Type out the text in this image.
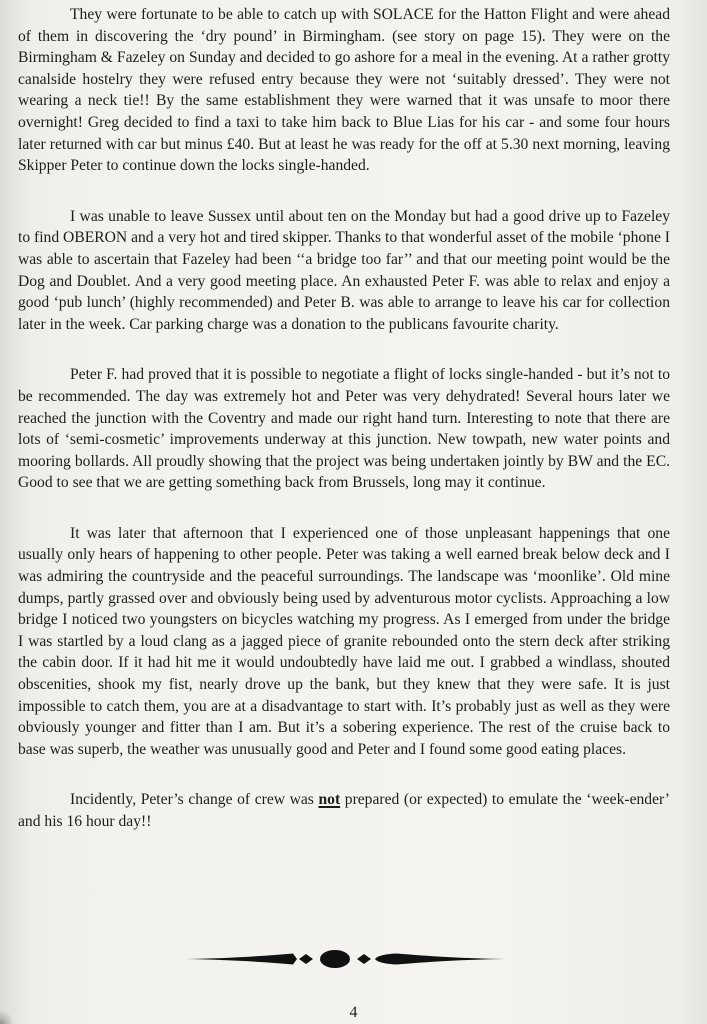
They were fortunate to be able to catch up with SOLACE for the Hatton Flight and were ahead of them in discovering the ‘dry pound’ in Birmingham. (see story on page 15). They were on the Birmingham & Fazeley on Sunday and decided to go ashore for a meal in the evening. At a rather grotty canalside hostelry they were refused entry because they were not ‘suitably dressed’. They were not wearing a neck tie!! By the same establishment they were warned that it was unsafe to moor there overnight! Greg decided to find a taxi to take him back to Blue Lias for his car - and some four hours later returned with car but minus £40. But at least he was ready for the off at 5.30 next morning, leaving Skipper Peter to continue down the locks single-handed.

I was unable to leave Sussex until about ten on the Monday but had a good drive up to Fazeley to find OBERON and a very hot and tired skipper. Thanks to that wonderful asset of the mobile ‘phone I was able to ascertain that Fazeley had been ‘‘a bridge too far’’ and that our meeting point would be the Dog and Doublet. And a very good meeting place. An exhausted Peter F. was able to relax and enjoy a good ‘pub lunch’ (highly recommended) and Peter B. was able to arrange to leave his car for collection later in the week. Car parking charge was a donation to the publicans favourite charity.

Peter F. had proved that it is possible to negotiate a flight of locks single-handed - but it’s not to be recommended. The day was extremely hot and Peter was very dehydrated! Several hours later we reached the junction with the Coventry and made our right hand turn. Interesting to note that there are lots of ‘semi-cosmetic’ improvements underway at this junction. New towpath, new water points and mooring bollards. All proudly showing that the project was being undertaken jointly by BW and the EC. Good to see that we are getting something back from Brussels, long may it continue.

It was later that afternoon that I experienced one of those unpleasant happenings that one usually only hears of happening to other people. Peter was taking a well earned break below deck and I was admiring the countryside and the peaceful surroundings. The landscape was ‘moonlike’. Old mine dumps, partly grassed over and obviously being used by adventurous motor cyclists. Approaching a low bridge I noticed two youngsters on bicycles watching my progress. As I emerged from under the bridge I was startled by a loud clang as a jagged piece of granite rebounded onto the stern deck after striking the cabin door. If it had hit me it would undoubtedly have laid me out. I grabbed a windlass, shouted obscenities, shook my fist, nearly drove up the bank, but they knew that they were safe. It is just impossible to catch them, you are at a disadvantage to start with. It’s probably just as well as they were obviously younger and fitter than I am. But it’s a sobering experience. The rest of the cruise back to base was superb, the weather was unusually good and Peter and I found some good eating places.

Incidently, Peter’s change of crew was not prepared (or expected) to emulate the ‘week-ender’ and his 16 hour day!!

4
